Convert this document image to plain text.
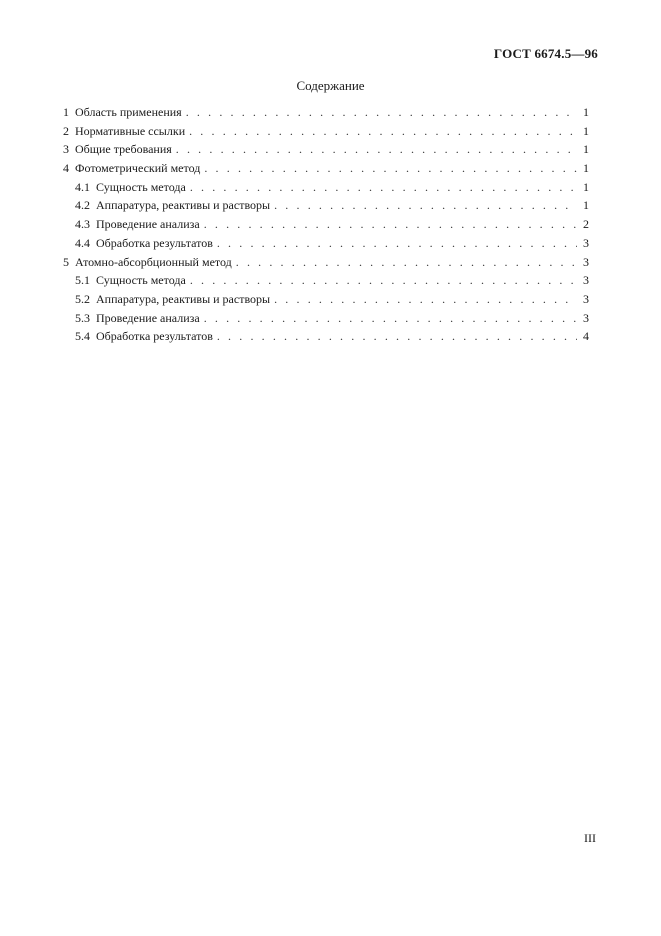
ГОСТ 6674.5—96
Содержание
1 Область применения . . .	1
2 Нормативные ссылки . . .	1
3 Общие требования . . .	1
4 Фотометрический метод . . .	1
4.1 Сущность метода . . .	1
4.2 Аппаратура, реактивы и растворы . . .	1
4.3 Проведение анализа . . .	2
4.4 Обработка результатов . . .	3
5 Атомно-абсорбционный метод . . .	3
5.1 Сущность метода . . .	3
5.2 Аппаратура, реактивы и растворы . . .	3
5.3 Проведение анализа . . .	3
5.4 Обработка результатов . . .	4
III
